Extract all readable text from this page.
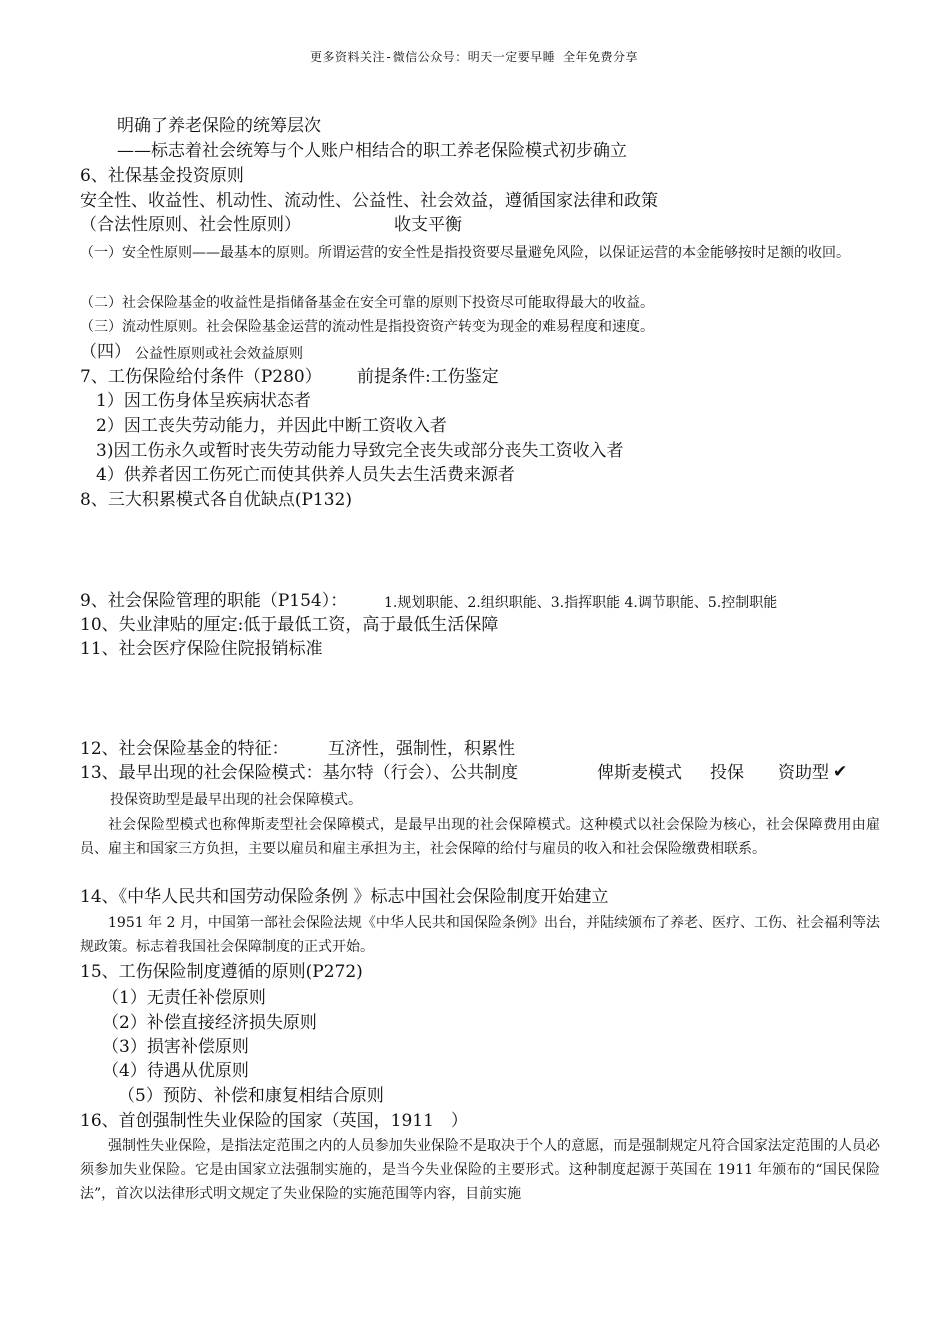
更多资料关注-微信公众号：明天一定要早睡 全年免费分享
明确了养老保险的统筹层次
——标志着社会统筹与个人账户相结合的职工养老保险模式初步确立
6、社保基金投资原则
安全性、收益性、机动性、流动性、公益性、社会效益，遵循国家法律和政策
（合法性原则、社会性原则）	收支平衡
（一）安全性原则——最基本的原则。所谓运营的安全性是指投资要尽量避免风险，以保证运营的本金能够按时足额的收回。
（二）社会保险基金的收益性是指储备基金在安全可靠的原则下投资尽可能取得最大的收益。
（三）流动性原则。社会保险基金运营的流动性是指投资资产转变为现金的难易程度和速度。
（四） 公益性原则或社会效益原则
7、工伤保险给付条件（P280） 前提条件:工伤鉴定
1）因工伤身体呈疾病状态者
2）因工丧失劳动能力，并因此中断工资收入者
3)因工伤永久或暂时丧失劳动能力导致完全丧失或部分丧失工资收入者
4）供养者因工伤死亡而使其供养人员失去生活费来源者
8、三大积累模式各自优缺点(P132)
9、社会保险管理的职能（P154）：	1.规划职能、2.组织职能、3.指挥职能 4.调节职能、5.控制职能
10、失业津贴的厘定:低于最低工资，高于最低生活保障
11、社会医疗保险住院报销标准
12、社会保险基金的特征： 互济性，强制性，积累性
13、最早出现的社会保险模式：基尔特（行会）、公共制度	俾斯麦模式 投保 资助型 ✔
投保资助型是最早出现的社会保障模式。
社会保险型模式也称俾斯麦型社会保障模式，是最早出现的社会保障模式。这种模式以社会保险为核心，社会保障费用由雇员、雇主和国家三方负担，主要以雇员和雇主承担为主，社会保障的给付与雇员的收入和社会保险缴费相联系。
14、《中华人民共和国劳动保险条例 》标志中国社会保险制度开始建立
1951 年 2 月，中国第一部社会保险法规《中华人民共和国保险条例》出台，并陆续颁布了养老、医疗、工伤、社会福利等法规政策。标志着我国社会保障制度的正式开始。
15、工伤保险制度遵循的原则(P272)
（1）无责任补偿原则
（2）补偿直接经济损失原则
（3）损害补偿原则
（4）待遇从优原则
（5）预防、补偿和康复相结合原则
16、首创强制性失业保险的国家（英国，1911　）
强制性失业保险，是指法定范围之内的人员参加失业保险不是取决于个人的意愿，而是强制规定凡符合国家法定范围的人员必须参加失业保险。它是由国家立法强制实施的，是当今失业保险的主要形式。这种制度起源于英国在 1911 年颁布的“国民保险法”，首次以法律形式明文规定了失业保险的实施范围等内容，目前实施
